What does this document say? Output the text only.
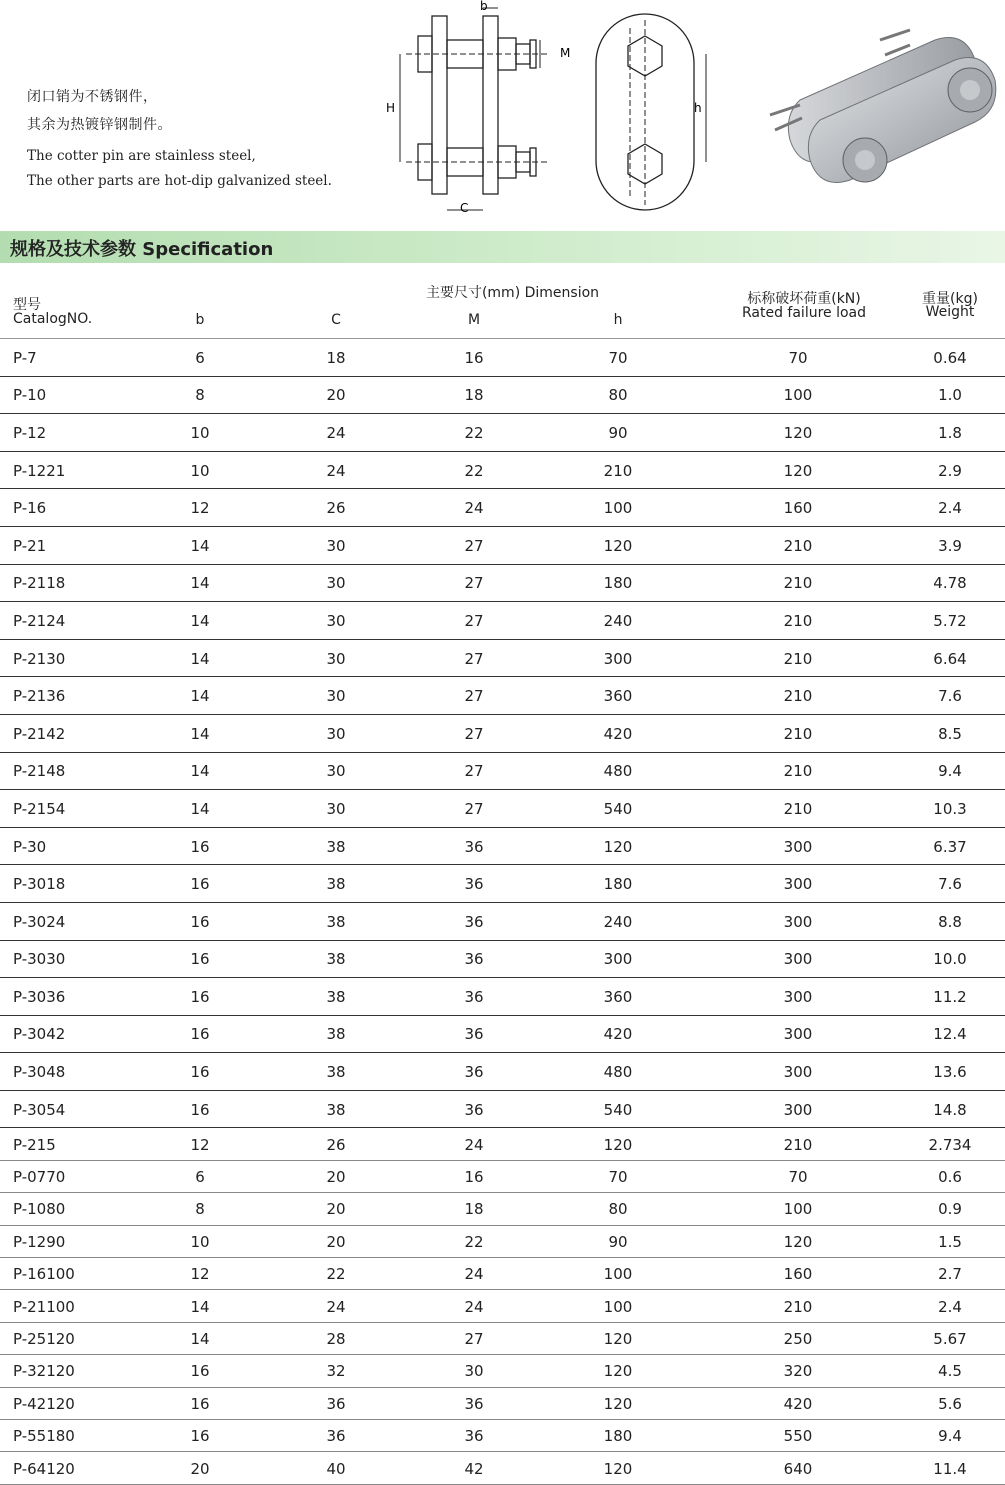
闭口销为不锈钢件，
其余为热镀锌钢制件。
The cotter pin are stainless steel,
The other parts are hot-dip galvanized steel.
b
M
H	h
C
规格及技术参数 Specification
型号
CatalogNO.
主要尺寸(mm) Dimension
b	C	M	h
标称破坏荷重(kN)
Rated failure load
重量(kg)
Weight
P-7	6	18	16	70	70	0.64
P-10	8	20	18	80	100	1.0
P-12	10	24	22	90	120	1.8
P-1221	10	24	22	210	120	2.9
P-16	12	26	24	100	160	2.4
P-21	14	30	27	120	210	3.9
P-2118	14	30	27	180	210	4.78
P-2124	14	30	27	240	210	5.72
P-2130	14	30	27	300	210	6.64
P-2136	14	30	27	360	210	7.6
P-2142	14	30	27	420	210	8.5
P-2148	14	30	27	480	210	9.4
P-2154	14	30	27	540	210	10.3
P-30	16	38	36	120	300	6.37
P-3018	16	38	36	180	300	7.6
P-3024	16	38	36	240	300	8.8
P-3030	16	38	36	300	300	10.0
P-3036	16	38	36	360	300	11.2
P-3042	16	38	36	420	300	12.4
P-3048	16	38	36	480	300	13.6
P-3054	16	38	36	540	300	14.8
P-215	12	26	24	120	210	2.734
P-0770	6	20	16	70	70	0.6
P-1080	8	20	18	80	100	0.9
P-1290	10	20	22	90	120	1.5
P-16100	12	22	24	100	160	2.7
P-21100	14	24	24	100	210	2.4
P-25120	14	28	27	120	250	5.67
P-32120	16	32	30	120	320	4.5
P-42120	16	36	36	120	420	5.6
P-55180	16	36	36	180	550	9.4
P-64120	20	40	42	120	640	11.4
